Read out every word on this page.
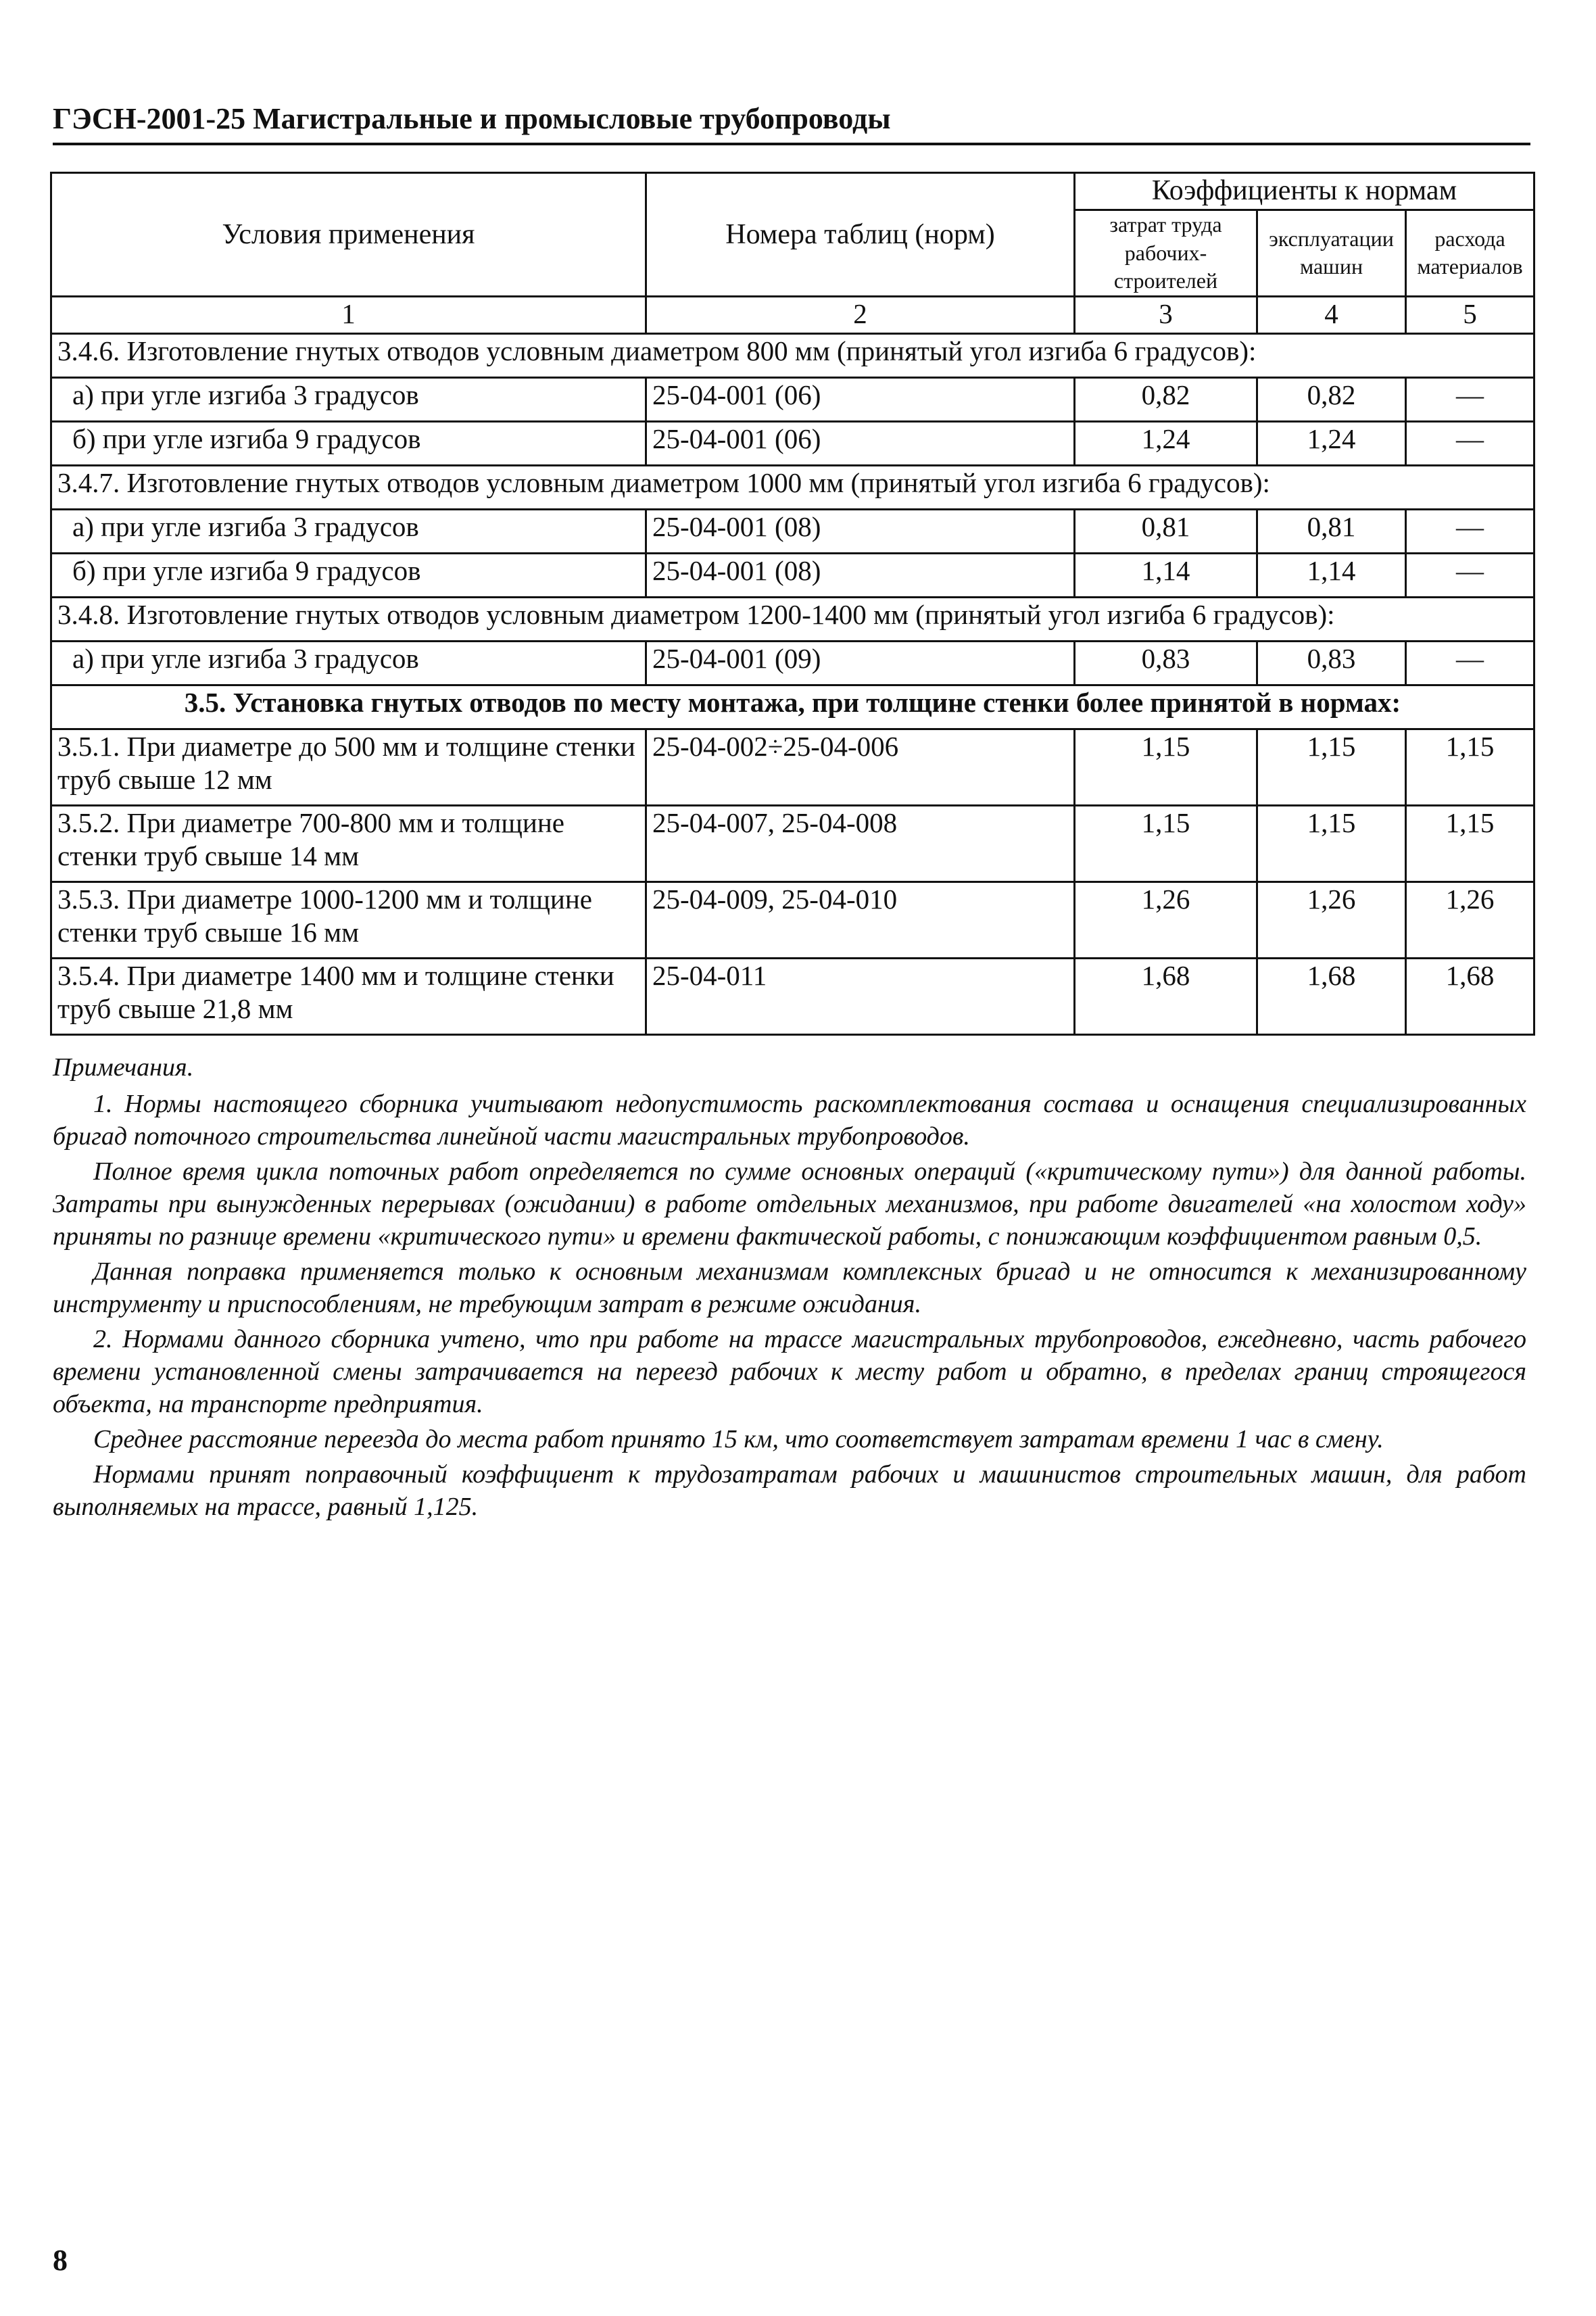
ГЭСН-2001-25 Магистральные и промысловые трубопроводы
Условия применения	Номера таблиц (норм)	Коэффициенты к нормам		
		затрат труда рабочих-строителей	эксплуатации машин	расхода материалов
1	2	3	4	5
3.4.6. Изготовление гнутых отводов условным диаметром 800 мм (принятый угол изгиба 6 градусов):				
а) при угле изгиба 3 градусов	25-04-001 (06)	0,82	0,82	—
б) при угле изгиба 9 градусов	25-04-001 (06)	1,24	1,24	—
3.4.7. Изготовление гнутых отводов условным диаметром 1000 мм (принятый угол изгиба 6 градусов):				
а) при угле изгиба 3 градусов	25-04-001 (08)	0,81	0,81	—
б) при угле изгиба 9 градусов	25-04-001 (08)	1,14	1,14	—
3.4.8. Изготовление гнутых отводов условным диаметром 1200-1400 мм (принятый угол изгиба 6 градусов):				
а) при угле изгиба 3 градусов	25-04-001 (09)	0,83	0,83	—
3.5. Установка гнутых отводов по месту монтажа, при толщине стенки более принятой в нормах:				
3.5.1. При диаметре до 500 мм и толщине стенки труб свыше 12 мм	25-04-002÷25-04-006	1,15	1,15	1,15
3.5.2. При диаметре 700-800 мм и толщине стенки труб свыше 14 мм	25-04-007, 25-04-008	1,15	1,15	1,15
3.5.3. При диаметре 1000-1200 мм и толщине стенки труб свыше 16 мм	25-04-009, 25-04-010	1,26	1,26	1,26
3.5.4. При диаметре 1400 мм и толщине стенки труб свыше 21,8 мм	25-04-011	1,68	1,68	1,68

Примечания.

1. Нормы настоящего сборника учитывают недопустимость раскомплектования состава и оснащения специализированных бригад поточного строительства линейной части магистральных трубопроводов.

Полное время цикла поточных работ определяется по сумме основных операций («критическому пути») для данной работы. Затраты при вынужденных перерывах (ожидании) в работе отдельных механизмов, при работе двигателей «на холостом ходу» приняты по разнице времени «критического пути» и времени фактической работы, с понижающим коэффициентом равным 0,5.

Данная поправка применяется только к основным механизмам комплексных бригад и не относится к механизированному инструменту и приспособлениям, не требующим затрат в режиме ожидания.

2. Нормами данного сборника учтено, что при работе на трассе магистральных трубопроводов, ежедневно, часть рабочего времени установленной смены затрачивается на переезд рабочих к месту работ и обратно, в пределах границ строящегося объекта, на транспорте предприятия.

Среднее расстояние переезда до места работ принято 15 км, что соответствует затратам времени 1 час в смену.

Нормами принят поправочный коэффициент к трудозатратам рабочих и машинистов строительных машин, для работ выполняемых на трассе, равный 1,125.

8
